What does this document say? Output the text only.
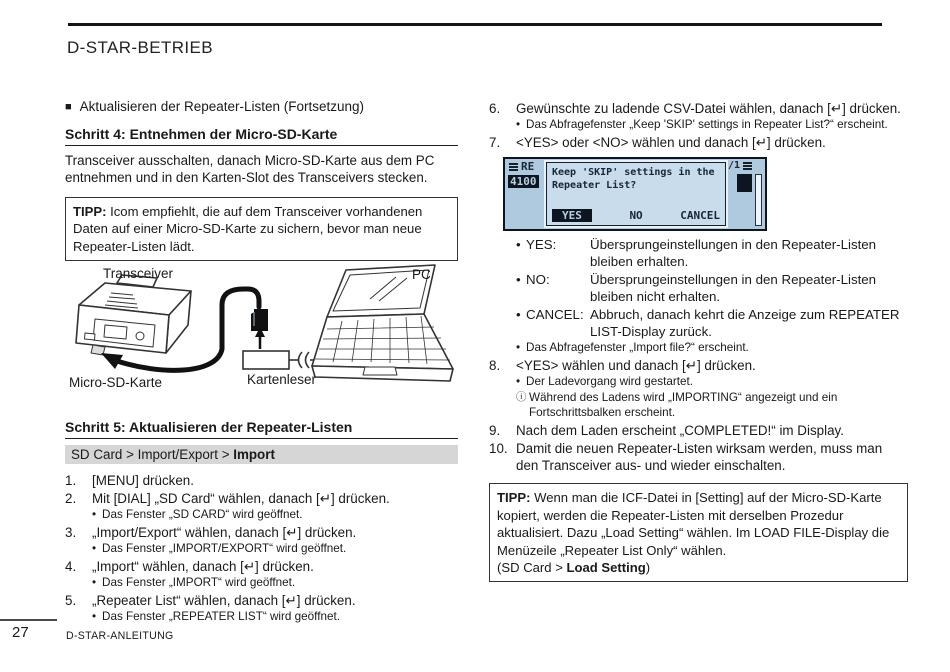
D-STAR-BETRIEB
■ Aktualisieren der Repeater-Listen (Fortsetzung)
Schritt 4: Entnehmen der Micro-SD-Karte
Transceiver ausschalten, danach Micro-SD-Karte aus dem PC entnehmen und in den Karten-Slot des Transceivers stecken.
TIPP: Icom empfiehlt, die auf dem Transceiver vorhandenen Daten auf einer Micro-SD-Karte zu sichern, bevor man neue Repeater-Listen lädt.
Transceiver	PC
Micro-SD-Karte	Kartenleser
Schritt 5: Aktualisieren der Repeater-Listen
SD Card > Import/Export > Import
1.	[MENU] drücken.
2.	Mit [DIAL] „SD Card“ wählen, danach [↵] drücken.
• Das Fenster „SD CARD“ wird geöffnet.
3.	„Import/Export“ wählen, danach [↵] drücken.
• Das Fenster „IMPORT/EXPORT“ wird geöffnet.
4.	„Import“ wählen, danach [↵] drücken.
• Das Fenster „IMPORT“ wird geöffnet.
5.	„Repeater List“ wählen, danach [↵] drücken.
• Das Fenster „REPEATER LIST“ wird geöffnet.
6.	Gewünschte zu ladende CSV-Datei wählen, danach [↵] drücken.
• Das Abfragefenster „Keep 'SKIP' settings in Repeater List?“ erscheint.
7.	<YES> oder <NO> wählen und danach [↵] drücken.
RE
4100
/1
Keep 'SKIP' settings in the
Repeater List?
YES	NO	CANCEL
• YES:	Übersprungeinstellungen in den Repeater-Listen bleiben erhalten.
• NO:	Übersprungeinstellungen in den Repeater-Listen bleiben nicht erhalten.
• CANCEL: Abbruch, danach kehrt die Anzeige zum REPEATER LIST-Display zurück.
• Das Abfragefenster „Import file?“ erscheint.
8.	<YES> wählen und danach [↵] drücken.
• Der Ladevorgang wird gestartet.
ⓘ Während des Ladens wird „IMPORTING“ angezeigt und ein Fortschrittsbalken erscheint.
9.	Nach dem Laden erscheint „COMPLETED!“ im Display.
10. Damit die neuen Repeater-Listen wirksam werden, muss man den Transceiver aus- und wieder einschalten.
TIPP: Wenn man die ICF-Datei in [Setting] auf der Micro-SD-Karte kopiert, werden die Repeater-Listen mit derselben Prozedur aktualisiert. Dazu „Load Setting“ wählen. Im LOAD FILE-Display die Menüzeile „Repeater List Only“ wählen.
(SD Card > Load Setting)
27	D-STAR-ANLEITUNG
